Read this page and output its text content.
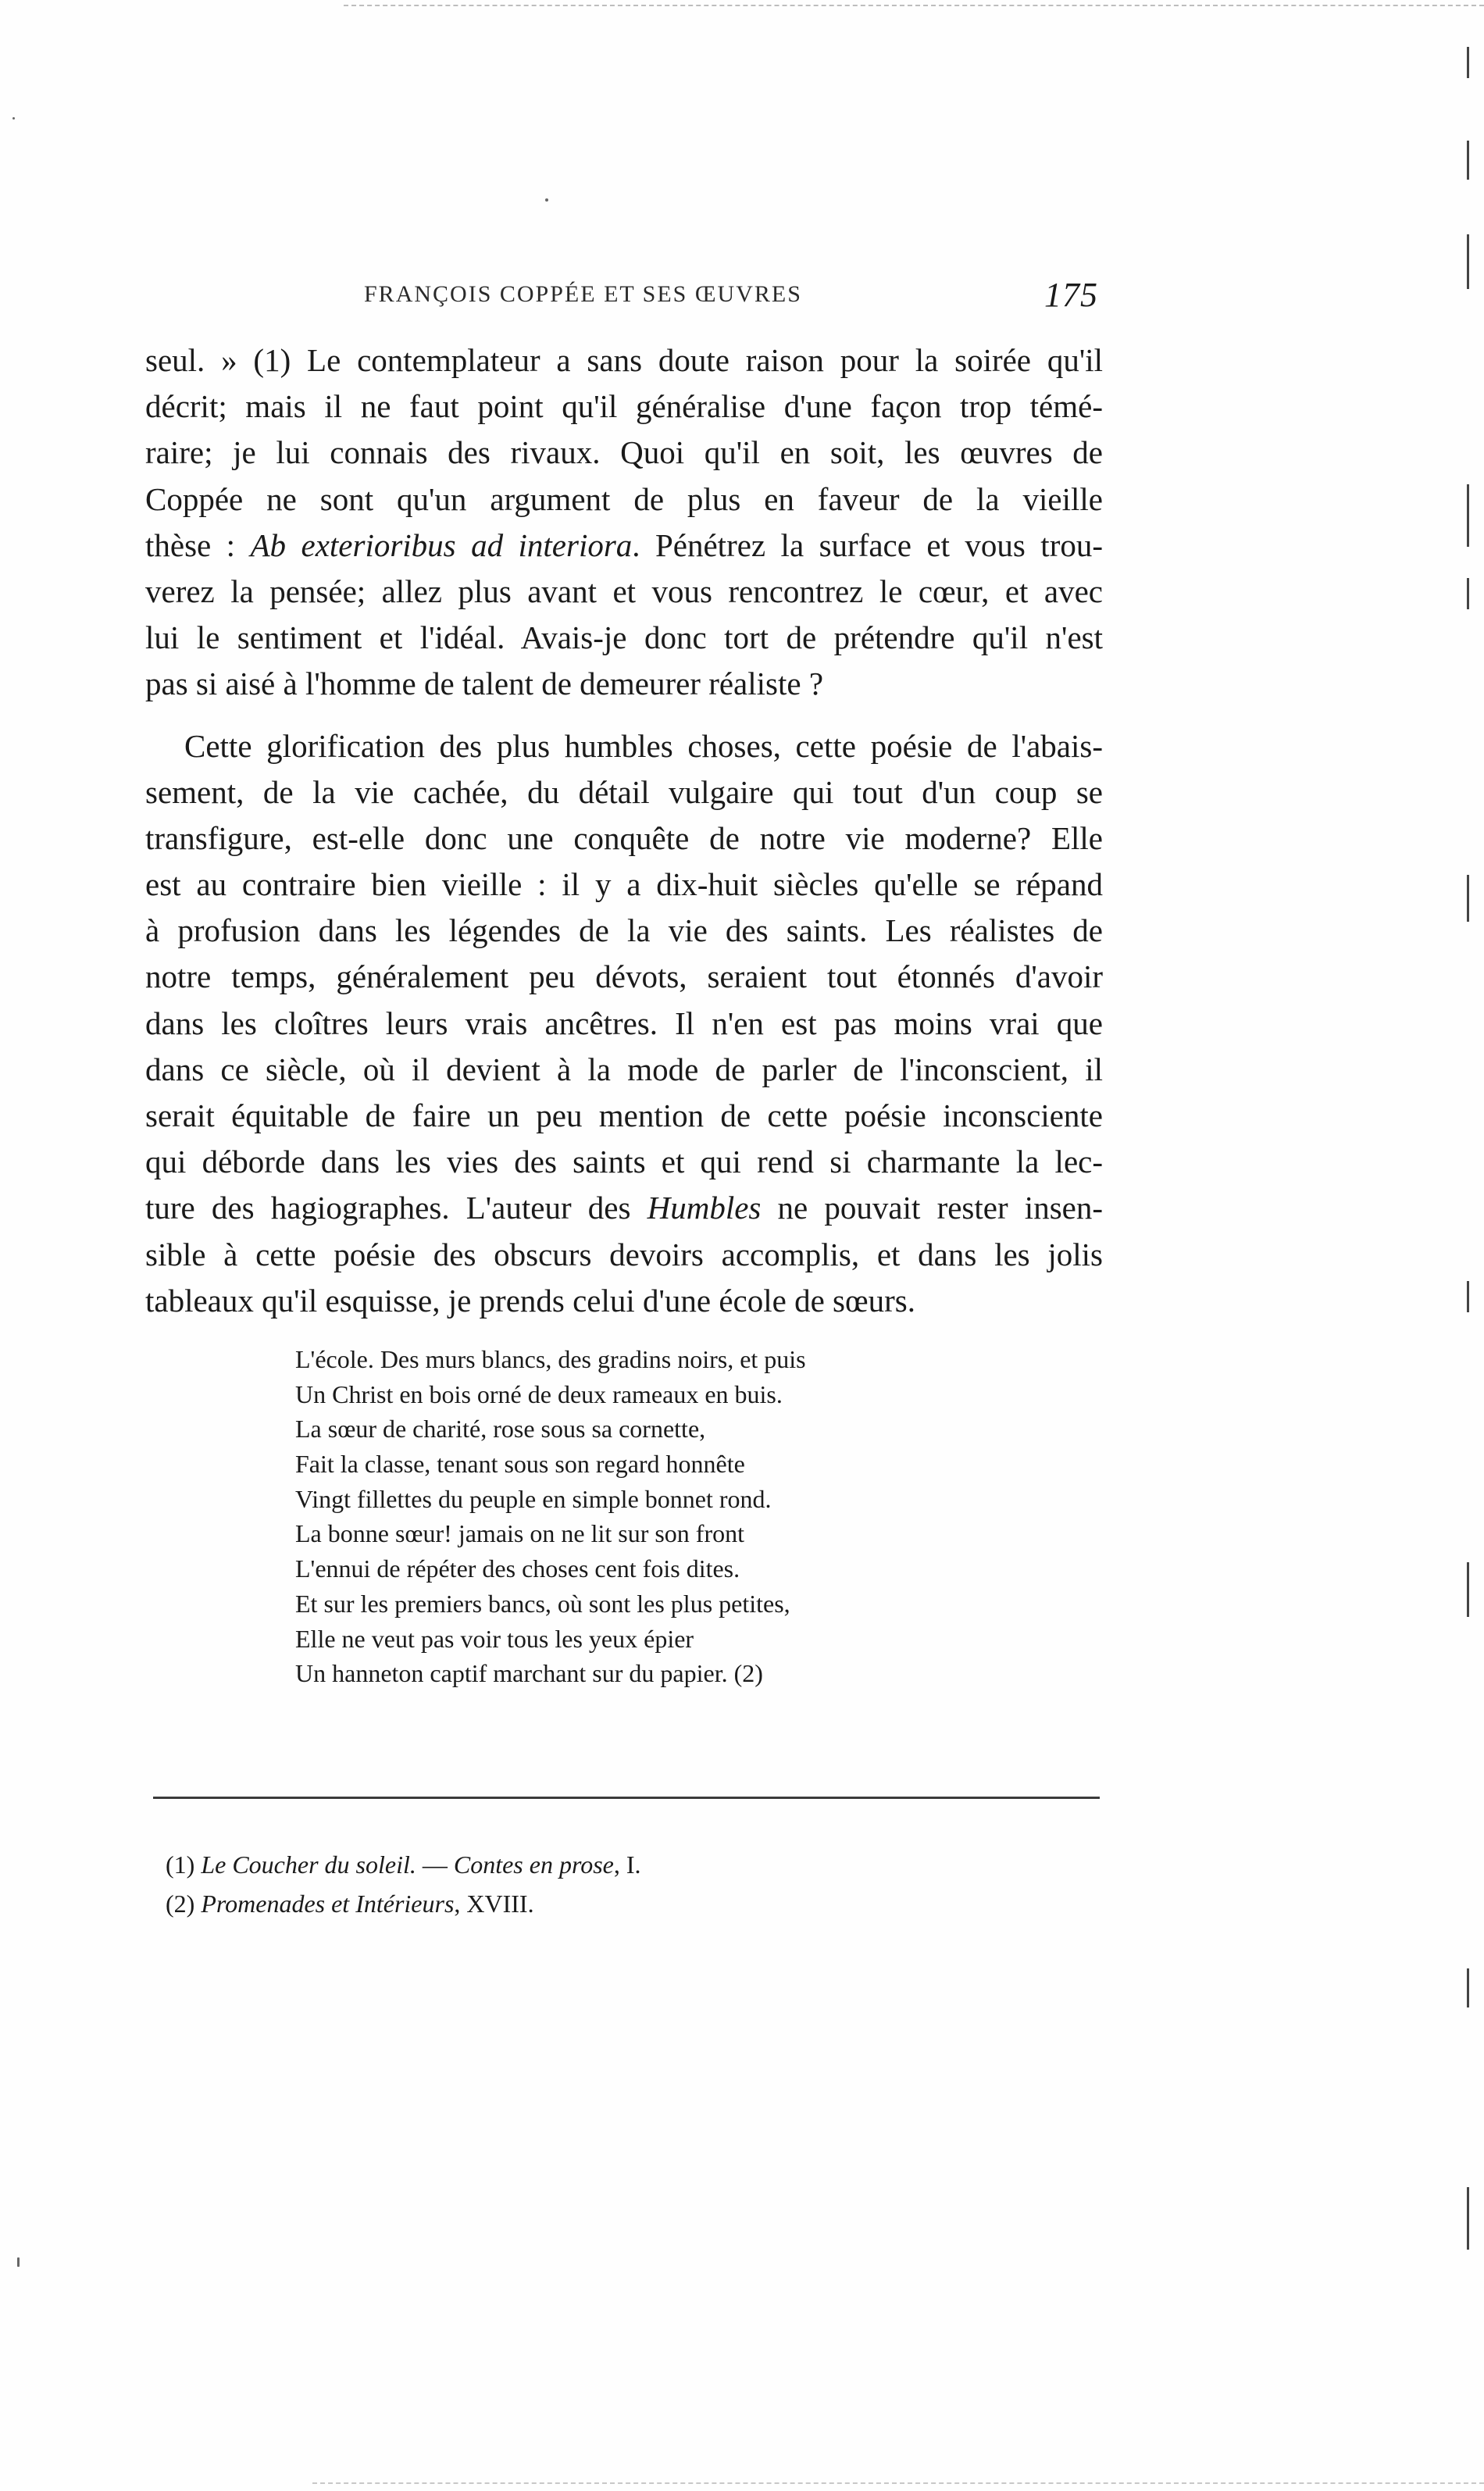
FRANÇOIS COPPÉE ET SES ŒUVRES	175
seul. » (1) Le contemplateur a sans doute raison pour la soirée qu'il
décrit; mais il ne faut point qu'il généralise d'une façon trop témé-
raire; je lui connais des rivaux. Quoi qu'il en soit, les œuvres de
Coppée ne sont qu'un argument de plus en faveur de la vieille
thèse : Ab exterioribus ad interiora. Pénétrez la surface et vous trou-
verez la pensée; allez plus avant et vous rencontrez le cœur, et avec
lui le sentiment et l'idéal. Avais-je donc tort de prétendre qu'il n'est
pas si aisé à l'homme de talent de demeurer réaliste ?
Cette glorification des plus humbles choses, cette poésie de l'abais-
sement, de la vie cachée, du détail vulgaire qui tout d'un coup se
transfigure, est-elle donc une conquête de notre vie moderne? Elle
est au contraire bien vieille : il y a dix-huit siècles qu'elle se répand
à profusion dans les légendes de la vie des saints. Les réalistes de
notre temps, généralement peu dévots, seraient tout étonnés d'avoir
dans les cloîtres leurs vrais ancêtres. Il n'en est pas moins vrai que
dans ce siècle, où il devient à la mode de parler de l'inconscient, il
serait équitable de faire un peu mention de cette poésie inconsciente
qui déborde dans les vies des saints et qui rend si charmante la lec-
ture des hagiographes. L'auteur des Humbles ne pouvait rester insen-
sible à cette poésie des obscurs devoirs accomplis, et dans les jolis
tableaux qu'il esquisse, je prends celui d'une école de sœurs.
L'école. Des murs blancs, des gradins noirs, et puis
Un Christ en bois orné de deux rameaux en buis.
La sœur de charité, rose sous sa cornette,
Fait la classe, tenant sous son regard honnête
Vingt fillettes du peuple en simple bonnet rond.
La bonne sœur! jamais on ne lit sur son front
L'ennui de répéter des choses cent fois dites.
Et sur les premiers bancs, où sont les plus petites,
Elle ne veut pas voir tous les yeux épier
Un hanneton captif marchant sur du papier. (2)
(1) Le Coucher du soleil. — Contes en prose, I.
(2) Promenades et Intérieurs, XVIII.
